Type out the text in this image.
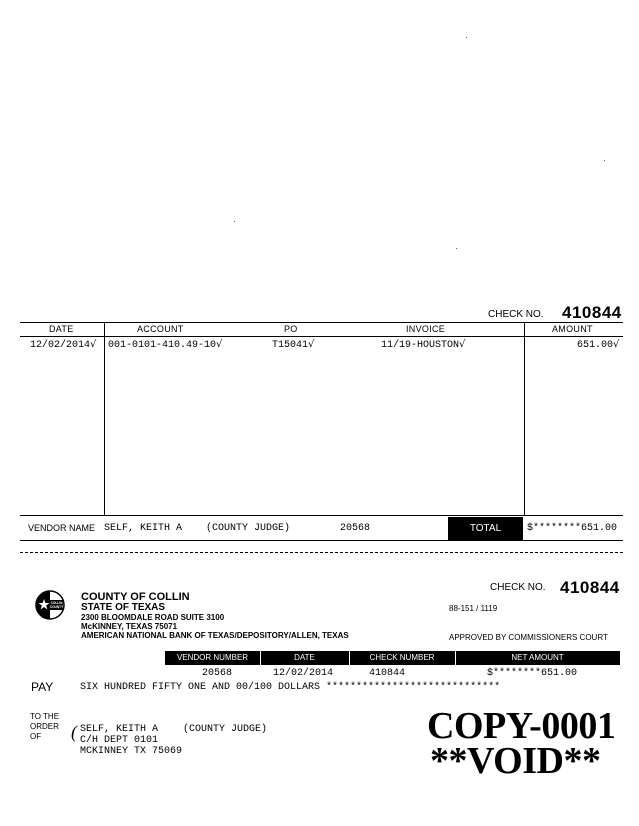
CHECK NO. 410844
DATE	ACCOUNT	PO	INVOICE	AMOUNT
12/02/2014√ 001-0101-410.49-10√	T15041√	11/19-HOUSTON√	651.00√
VENDOR NAME SELF, KEITH A (COUNTY JUDGE)	20568	TOTAL	$********651.00
CHECK NO. 410844
COLLIN
COUNTY
COUNTY OF COLLIN
STATE OF TEXAS
2300 BLOOMDALE ROAD SUITE 3100
McKINNEY, TEXAS 75071
AMERICAN NATIONAL BANK OF TEXAS/DEPOSITORY/ALLEN, TEXAS
88-151 / 1119
APPROVED BY COMMISSIONERS COURT
VENDOR NUMBER	DATE	CHECK NUMBER	NET AMOUNT
20568	12/02/2014	410844	$********651.00
PAY	SIX HUNDRED FIFTY ONE AND 00/100 DOLLARS *****************************
TO THE
ORDER
OF ( SELF, KEITH A (COUNTY JUDGE)
C/H DEPT 0101
MCKINNEY TX 75069
COPY-0001
**VOID**
